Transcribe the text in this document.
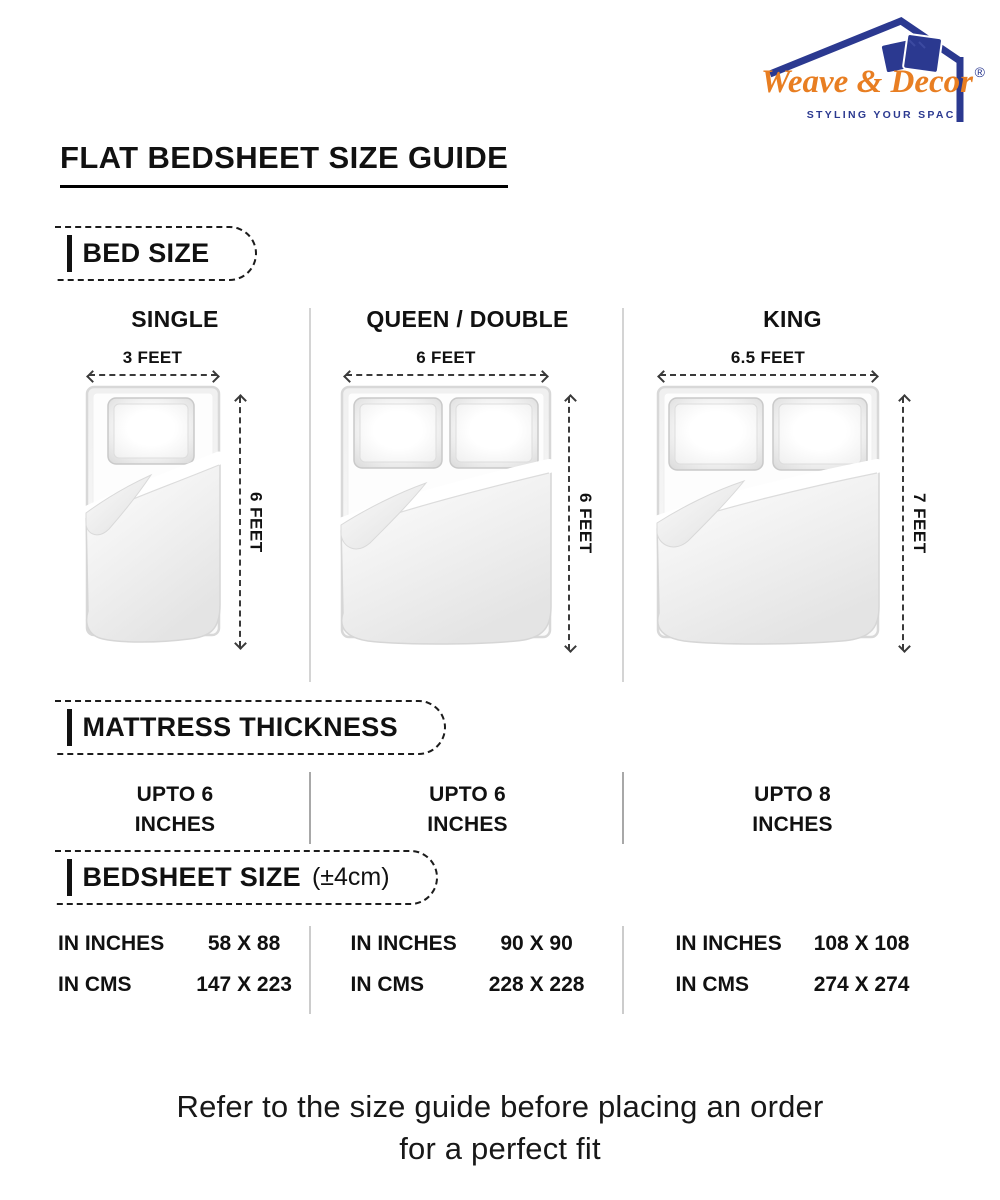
®
Weave & Decor
STYLING YOUR SPACE
FLAT BEDSHEET SIZE GUIDE
BED SIZE
SINGLE
3 FEET
6 FEET
QUEEN / DOUBLE
6 FEET
6 FEET
KING
6.5 FEET
7 FEET
MATTRESS THICKNESS
UPTO 6
INCHES
UPTO 6
INCHES
UPTO 8
INCHES
BEDSHEET SIZE (±4cm)
IN INCHES 58 X 88
IN CMS	147 X 223
IN INCHES 90 X 90
IN CMS	228 X 228
IN INCHES 108 X 108
IN CMS	274 X 274
Refer to the size guide before placing an order
for a perfect fit
